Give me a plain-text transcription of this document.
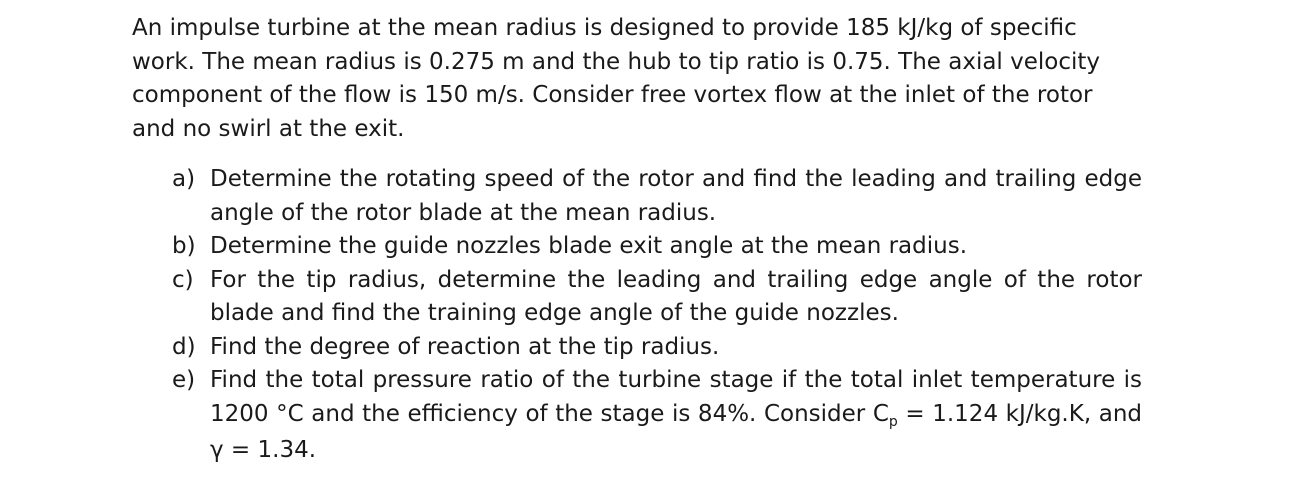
An impulse turbine at the mean radius is designed to provide 185 kJ/kg of specific work. The mean radius is 0.275 m and the hub to tip ratio is 0.75. The axial velocity component of the flow is 150 m/s. Consider free vortex flow at the inlet of the rotor and no swirl at the exit.

a) Determine the rotating speed of the rotor and find the leading and trailing edge angle of the rotor blade at the mean radius.
b) Determine the guide nozzles blade exit angle at the mean radius.
c) For the tip radius, determine the leading and trailing edge angle of the rotor blade and find the training edge angle of the guide nozzles.
d) Find the degree of reaction at the tip radius.
e) Find the total pressure ratio of the turbine stage if the total inlet temperature is 1200 °C and the efficiency of the stage is 84%. Consider $C_p = 1.124$ kJ/kg.K, and γ = 1.34.
